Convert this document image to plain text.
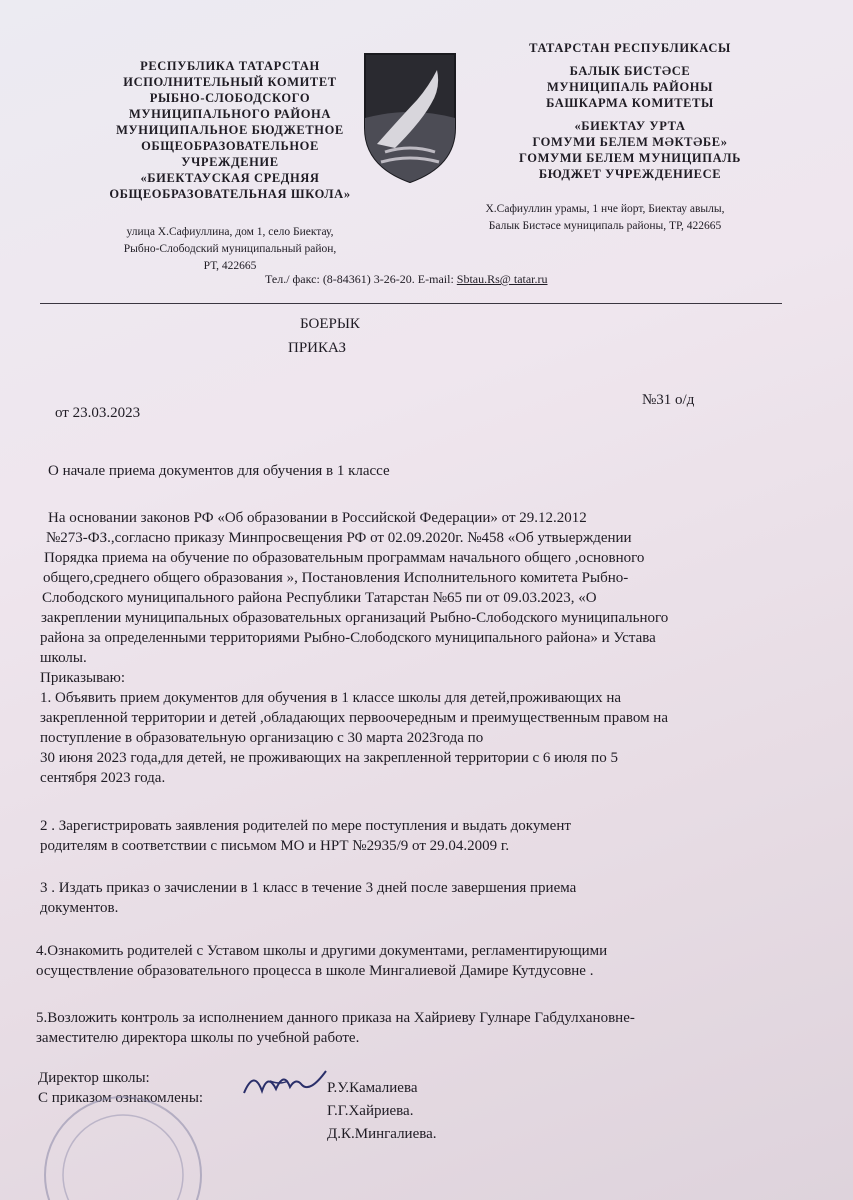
РЕСПУБЛИКА ТАТАРСТАН
ИСПОЛНИТЕЛЬНЫЙ КОМИТЕТ
РЫБНО-СЛОБОДСКОГО
МУНИЦИПАЛЬНОГО РАЙОНА
МУНИЦИПАЛЬНОЕ БЮДЖЕТНОЕ
ОБЩЕОБРАЗОВАТЕЛЬНОЕ
УЧРЕЖДЕНИЕ
«БИЕКТАУСКАЯ СРЕДНЯЯ
ОБЩЕОБРАЗОВАТЕЛЬНАЯ ШКОЛА»
улица Х.Сафиуллина, дом 1, село Биектау,
Рыбно-Слободский муниципальный район,
РТ, 422665
ТАТАРСТАН РЕСПУБЛИКАСЫ
БАЛЫК БИСТӘСЕ
МУНИЦИПАЛЬ РАЙОНЫ
БАШКАРМА КОМИТЕТЫ
«БИЕКТАУ УРТА
ГОМУМИ БЕЛЕМ МӘКТӘБЕ»
ГОМУМИ БЕЛЕМ МУНИЦИПАЛЬ
БЮДЖЕТ УЧРЕЖДЕНИЕСЕ
Х.Сафиуллин урамы, 1 нче йорт, Биектау авылы,
Балык Бистәсе муниципаль районы, ТР, 422665
Тел./ факс: (8-84361) 3-26-20. E-mail: Sbtau.Rs@ tatar.ru
БОЕРЫК
ПРИКАЗ
от 23.03.2023
№31 о/д
О начале приема документов для обучения в 1 классе
На основании законов РФ «Об образовании в Российской Федерации» от 29.12.2012
№273-ФЗ.,согласно приказу Минпросвещения РФ от 02.09.2020г. №458 «Об утвыерждении
Порядка приема на обучение по образовательным программам начального общего ,основного
общего,среднего общего образования », Постановления Исполнительного комитета Рыбно-
Слободского муниципального района Республики Татарстан №65 пи от 09.03.2023, «О
закреплении муниципальных образовательных организаций Рыбно-Слободского муниципального
района за определенными территориями Рыбно-Слободского муниципального района» и Устава
школы.
Приказываю:
1. Объявить прием документов для обучения в 1 классе школы для детей,проживающих на
закрепленной территории и детей ,обладающих первоочередным и преимущественным правом на
поступление в образовательную организацию с 30 марта 2023года по
30 июня 2023 года,для детей, не проживающих на закрепленной территории с 6 июля по 5
сентября 2023 года.
2 . Зарегистрировать заявления родителей по мере поступления и выдать документ
родителям в соответствии с письмом МО и НРТ №2935/9 от 29.04.2009 г.
3 . Издать приказ о зачислении в 1 класс в течение 3 дней после завершения приема
документов.
4.Ознакомить родителей с Уставом школы и другими документами, регламентирующими
осуществление образовательного процесса в школе Мингалиевой Дамире Кутдусовне .
5.Возложить контроль за исполнением данного приказа на Хайриеву Гулнаре Габдулхановне-
заместителю директора школы по учебной работе.
Директор школы:
С приказом ознакомлены:
Р.У.Камалиева
Г.Г.Хайриева.
Д.К.Мингалиева.
